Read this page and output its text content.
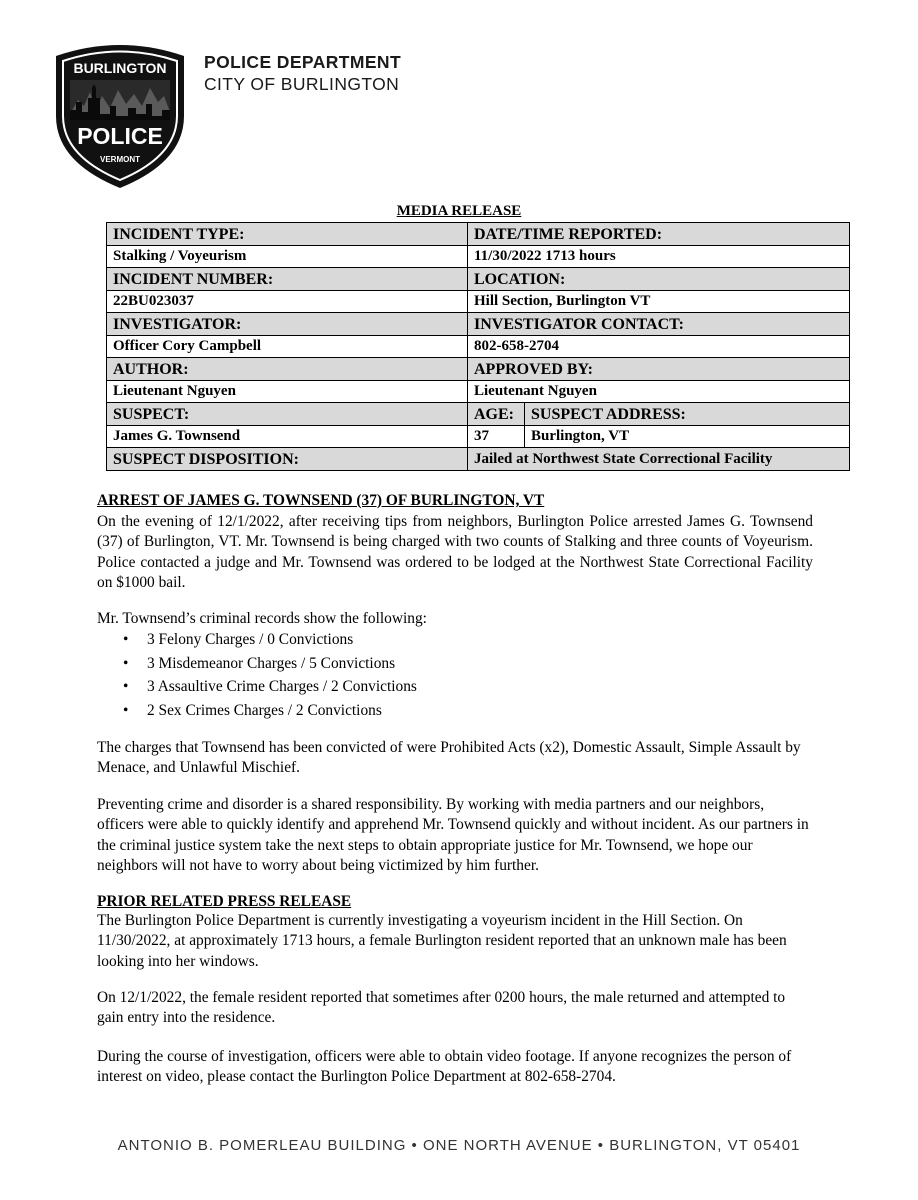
BURLINGTON
POLICE
VERMONT
POLICE DEPARTMENT
CITY OF BURLINGTON
MEDIA RELEASE
INCIDENT TYPE:	DATE/TIME REPORTED:	
Stalking / Voyeurism	11/30/2022 1713 hours	
INCIDENT NUMBER:	LOCATION:	
22BU023037	Hill Section, Burlington VT	
INVESTIGATOR:	INVESTIGATOR CONTACT:	
Officer Cory Campbell	802-658-2704	
AUTHOR:	APPROVED BY:	
Lieutenant Nguyen	Lieutenant Nguyen	
SUSPECT:	AGE:	SUSPECT ADDRESS:
James G. Townsend	37	Burlington, VT
SUSPECT DISPOSITION:	Jailed at Northwest State Correctional Facility	
ARREST OF JAMES G. TOWNSEND (37) OF BURLINGTON, VT
On the evening of 12/1/2022, after receiving tips from neighbors, Burlington Police arrested James G. Townsend (37) of Burlington, VT. Mr. Townsend is being charged with two counts of Stalking and three counts of Voyeurism. Police contacted a judge and Mr. Townsend was ordered to be lodged at the Northwest State Correctional Facility on $1000 bail.
Mr. Townsend’s criminal records show the following:
• 3 Felony Charges / 0 Convictions
• 3 Misdemeanor Charges / 5 Convictions
• 3 Assaultive Crime Charges / 2 Convictions
• 2 Sex Crimes Charges / 2 Convictions
The charges that Townsend has been convicted of were Prohibited Acts (x2), Domestic Assault, Simple Assault by Menace, and Unlawful Mischief.
Preventing crime and disorder is a shared responsibility. By working with media partners and our neighbors, officers were able to quickly identify and apprehend Mr. Townsend quickly and without incident. As our partners in the criminal justice system take the next steps to obtain appropriate justice for Mr. Townsend, we hope our neighbors will not have to worry about being victimized by him further.
PRIOR RELATED PRESS RELEASE
The Burlington Police Department is currently investigating a voyeurism incident in the Hill Section. On 11/30/2022, at approximately 1713 hours, a female Burlington resident reported that an unknown male has been looking into her windows.
On 12/1/2022, the female resident reported that sometimes after 0200 hours, the male returned and attempted to gain entry into the residence.
During the course of investigation, officers were able to obtain video footage. If anyone recognizes the person of interest on video, please contact the Burlington Police Department at 802-658-2704.
ANTONIO B. POMERLEAU BUILDING • ONE NORTH AVENUE • BURLINGTON, VT 05401
